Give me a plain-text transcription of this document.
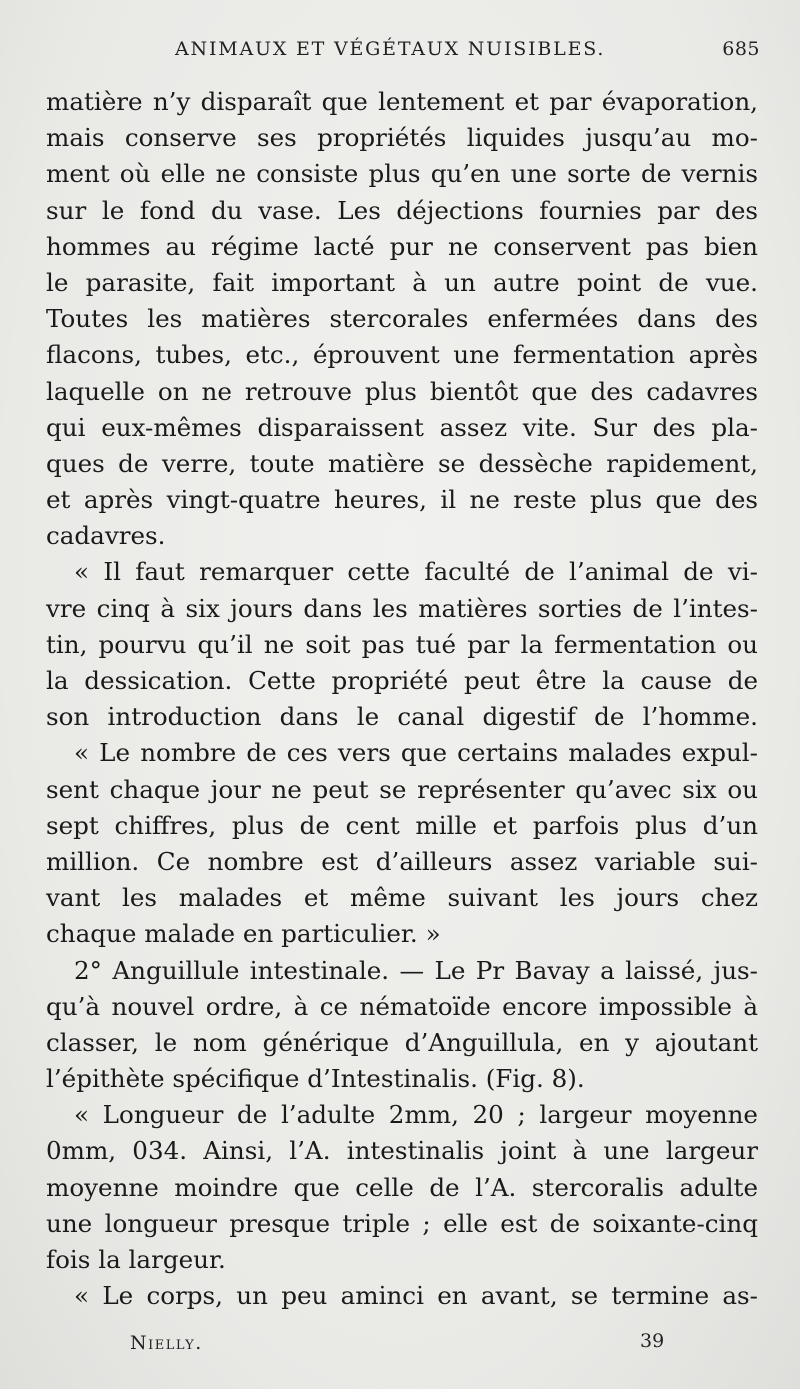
ANIMAUX ET VÉGÉTAUX NUISIBLES.	685
matière n’y disparaît que lentement et par évaporation,
mais conserve ses propriétés liquides jusqu’au mo-
ment où elle ne consiste plus qu’en une sorte de vernis
sur le fond du vase. Les déjections fournies par des
hommes au régime lacté pur ne conservent pas bien
le parasite, fait important à un autre point de vue.
Toutes les matières stercorales enfermées dans des
flacons, tubes, etc., éprouvent une fermentation après
laquelle on ne retrouve plus bientôt que des cadavres
qui eux-mêmes disparaissent assez vite. Sur des pla-
ques de verre, toute matière se dessèche rapidement,
et après vingt-quatre heures, il ne reste plus que des
cadavres.
« Il faut remarquer cette faculté de l’animal de vi-
vre cinq à six jours dans les matières sorties de l’intes-
tin, pourvu qu’il ne soit pas tué par la fermentation ou
la dessication. Cette propriété peut être la cause de
son introduction dans le canal digestif de l’homme.
« Le nombre de ces vers que certains malades expul-
sent chaque jour ne peut se représenter qu’avec six ou
sept chiffres, plus de cent mille et parfois plus d’un
million. Ce nombre est d’ailleurs assez variable sui-
vant les malades et même suivant les jours chez
chaque malade en particulier. »
2° Anguillule intestinale. — Le Pr Bavay a laissé, jus-
qu’à nouvel ordre, à ce nématoïde encore impossible à
classer, le nom générique d’Anguillula, en y ajoutant
l’épithète spécifique d’Intestinalis. (Fig. 8).
« Longueur de l’adulte 2mm, 20 ; largeur moyenne
0mm, 034. Ainsi, l’A. intestinalis joint à une largeur
moyenne moindre que celle de l’A. stercoralis adulte
une longueur presque triple ; elle est de soixante-cinq
fois la largeur.
« Le corps, un peu aminci en avant, se termine as-
Nielly.	39
